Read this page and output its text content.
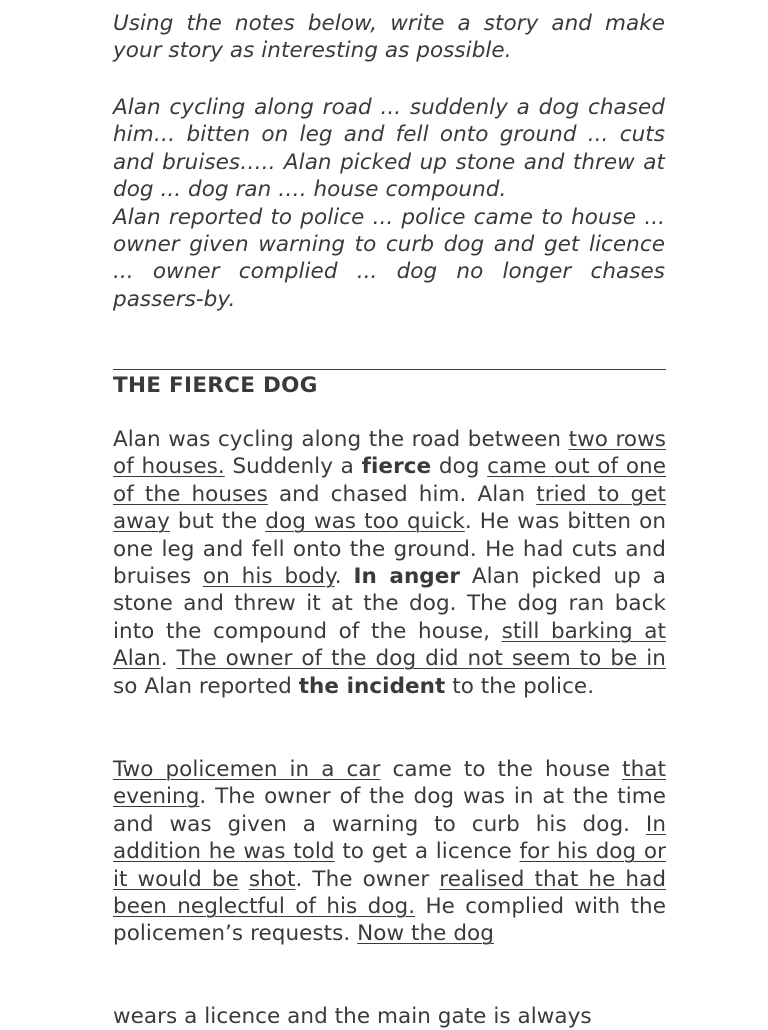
Using the notes below, write a story and make your story as interesting as possible.

Alan cycling along road ... suddenly a dog chased him… bitten on leg and fell onto ground ... cuts and bruises….. Alan picked up stone and threw at dog ... dog ran …. house compound.

Alan reported to police ... police came to house ... owner given warning to curb dog and get licence ... owner complied ... dog no longer chases passers-by.

THE FIERCE DOG

Alan was cycling along the road between two rows of houses. Suddenly a fierce dog came out of one of the houses and chased him. Alan tried to get away but the dog was too quick. He was bitten on one leg and fell onto the ground. He had cuts and bruises on his body. In anger Alan picked up a stone and threw it at the dog. The dog ran back into the compound of the house, still barking at Alan. The owner of the dog did not seem to be in so Alan reported the incident to the police.

Two policemen in a car came to the house that evening. The owner of the dog was in at the time and was given a warning to curb his dog. In addition he was told to get a licence for his dog or it would be shot. The owner realised that he had been neglectful of his dog. He complied with the policemen’s requests. Now the dog

wears a licence and the main gate is always
